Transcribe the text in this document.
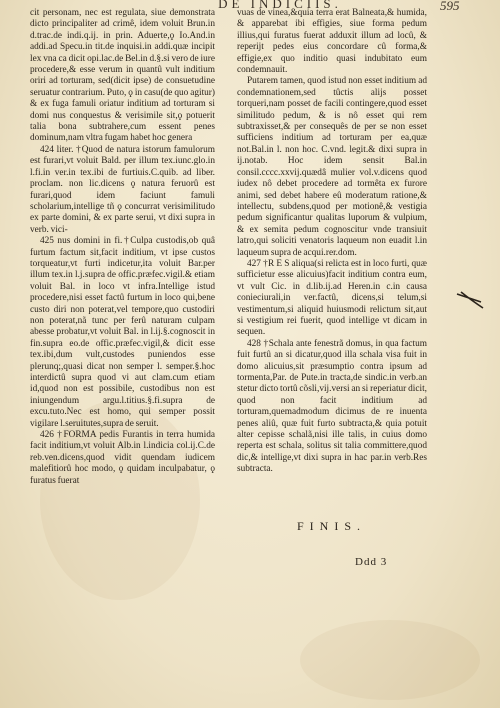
DE INDICIIS.	595

cit personam, nec est regulata, siue demonstrata dicto principaliter ad crimê, idem voluit Brun.in d.trac.de indi.q.ij. in prin. Aduerte,ϙ Io.And.in addi.ad Specu.in tit.de inquisi.in addi.quæ incipit lex vna ca dicit opi.lac.de Bel.in d.§.si vero de iure procedere,& esse verum in quantû vult inditium oriri ad torturam, sed(dicit ipse) de consuetudine seruatur contrarium. Puto, ϙ in casu(de quo agitur) & ex fuga famuli oriatur inditium ad torturam si domi nus conquestus & verisimile sit,ϙ potuerit talia bona subtrahere,cum essent penes dominum,nam vltra fugam habet hoc genera

424 liter. †Quod de natura istorum famulorum est furari,vt voluit Bald. per illum tex.iunc.glo.in l.fi.in ver.in tex.ibi de furtiuis.C.quib. ad liber. proclam. non lic.dicens ϙ natura feruorû est furari,quod idem faciunt famuli scholarium,intellige tñ ϙ concurrat verisimilitudo ex parte domini, & ex parte serui, vt dixi supra in verb. vici-

425 nus domini in fi.†Culpa custodis,ob quâ furtum factum sit,facit inditium, vt ipse custos torqueatur,vt furti indicetur,ita voluit Bar.per illum tex.in l.j.supra de offic.præfec.vigil.& etiam voluit Bal. in loco vt infra.Intellige istud procedere,nisi esset factû furtum in loco qui,bene custo diri non poterat,vel tempore,quo custodiri non poterat,nã tunc per ferû naturam culpam abesse probatur,vt voluit Bal. in l.ij.§.cognoscit in fin.supra eo.de offic.præfec.vigil,& dicit esse tex.ibi,dum vult,custodes puniendos esse plerunq;,quasi dicat non semper l. semper.§.hoc interdictû supra quod vi aut clam.cum etiam id,quod non est possibile, custodibus non est iniungendum argu.l.titius.§.fi.supra de excu.tuto.Nec est homo, qui semper possit vigilare l.seruitutes,supra de seruit.

426 †FORMA pedis Furantis in terra humida facit inditium,vt voluit Alb.in l.indicia col.ij.C.de reb.ven.dicens,quod vidit quendam iudicem malefitiorû hoc modo, ϙ quidam inculpabatur, ϙ furatus fuerat

vuas de vinea,&quia terra erat Balneata,& humida, & apparebat ibi effigies, siue forma pedum illius,qui furatus fuerat adduxit illum ad locû, & reperijt pedes eius concordare cû forma,& effigie,ex quo inditio quasi indubitato eum condemnauit.

Putarem tamen, quod istud non esset inditium ad condemnationem,sed tûctis alijs posset torqueri,nam posset de facili contingere,quod esset similitudo pedum, & is nô esset qui rem subtraxisset,& per consequês de per se non esset sufficiens inditium ad torturam per ea,quæ not.Bal.in l. non hoc. C.vnd. legit.& dixi supra in ij.notab. Hoc idem sensit Bal.in consil.cccc.xxvij.quædâ mulier vol.v.dicens quod iudex nô debet procedere ad tormêta ex furore animi, sed debet habere eû moderatum ratione,& intellectu, subdens,quod per motionê,& vestigia pedum significantur qualitas luporum & vulpium, & ex semita pedum cognoscitur vnde transiuit latro,qui soliciti venatoris laqueum non euadit l.in laqueum supra de acqui.rer.dom.

427 †R E S aliqua(si relicta est in loco furti, quæ sufficietur esse alicuius)facit inditium contra eum, vt vult Cic. in d.lib.ij.ad Heren.in c.in causa conieciurali,in ver.factû, dicens,si telum,si vestimentum,si aliquid huiusmodi relictum sit,aut si vestigium rei fuerit, quod intellige vt dicam in sequen.

428 †Schala ante fenestrã domus, in qua factum fuit furtû an si dicatur,quod illa schala visa fuit in domo alicuius,sit præsumptio contra ipsum ad tormenta,Par. de Pute.in tracta,de sindic.in verb.an stetur dicto tortû cõsli,vij.versi an si reperiatur dicit, quod non facit inditium ad torturam,quemadmodum dicimus de re inuenta penes aliû, quæ fuit furto subtracta,& quia potuit alter cepisse schalã,nisi ille talis, in cuius domo reperta est schala, solitus sit talia committere,quod dic,& intellige,vt dixi supra in hac par.in verb.Res subtracta.

FINIS.
Ddd 3
